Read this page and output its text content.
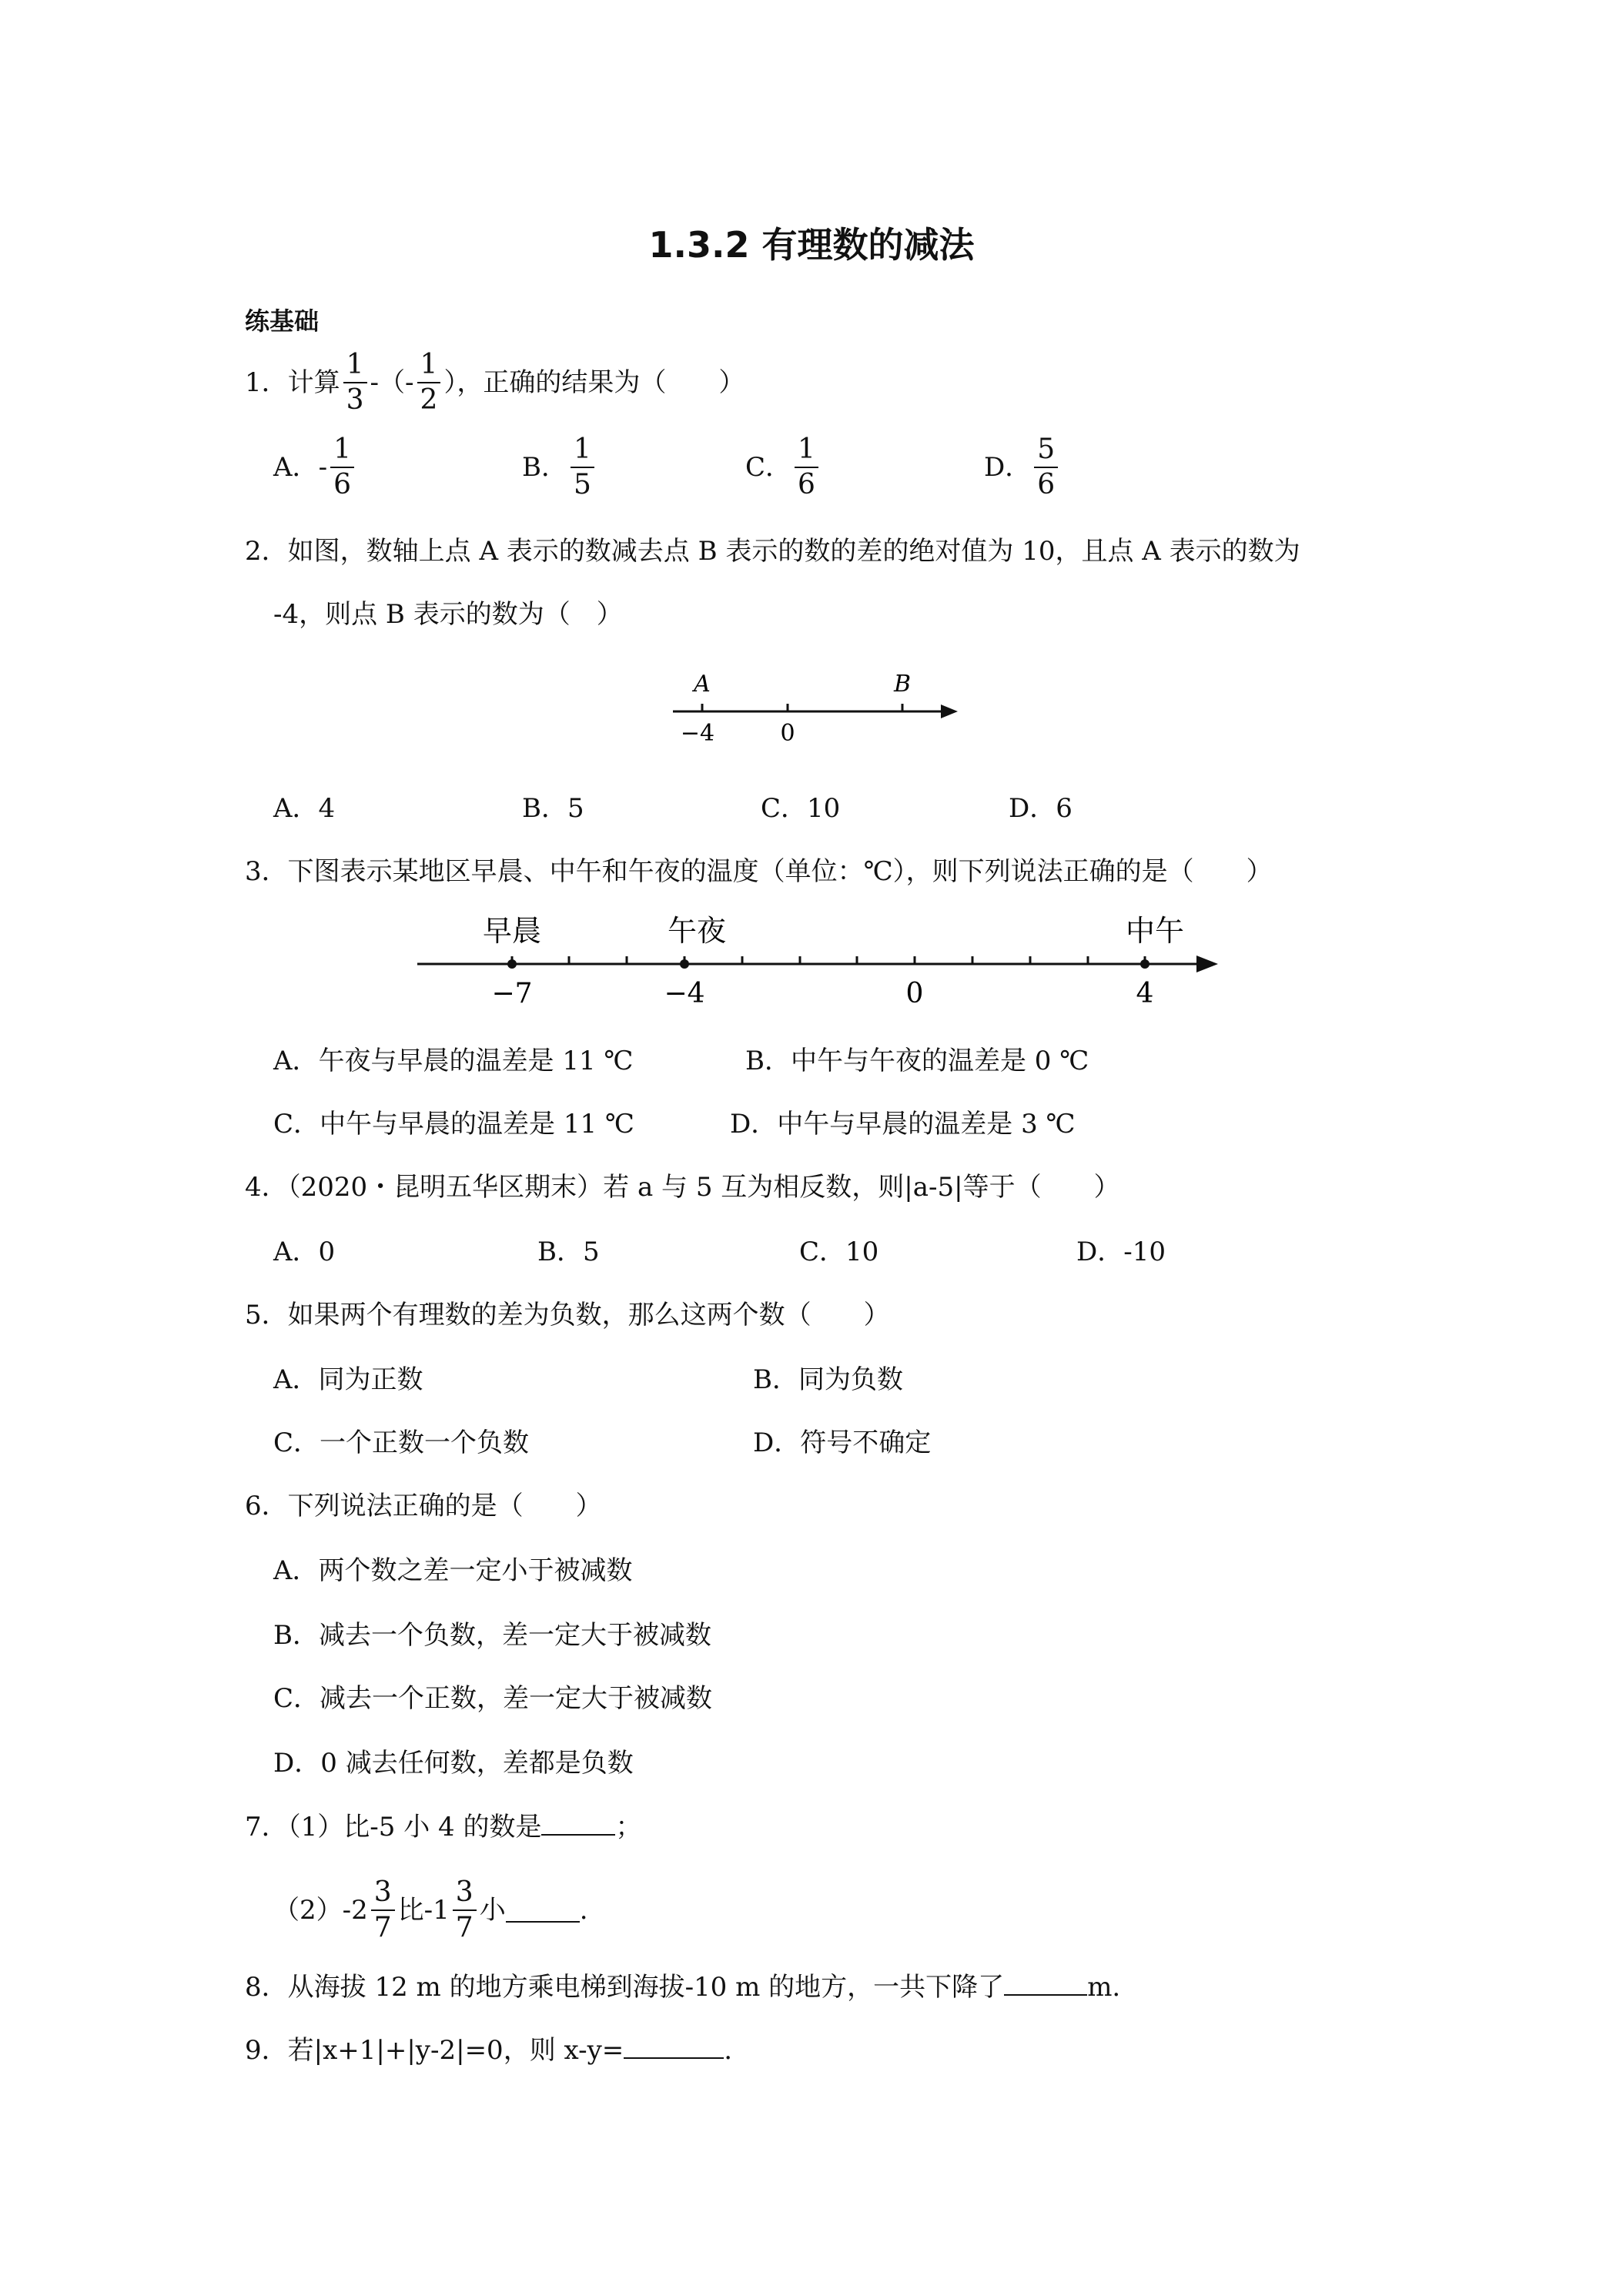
1.3.2 有理数的减法
练基础
1． 计算 $\frac{1}{3}$ -（- $\frac{1}{2}$ ），正确的结果为（　　）
A． - $\frac{1}{6}$	B． $\frac{1}{5}$	C． $\frac{1}{6}$	D． $\frac{5}{6}$
2．如图，数轴上点 A 表示的数减去点 B 表示的数的差的绝对值为 10，且点 A 表示的数为
-4，则点 B 表示的数为（　）
A	B
−4	0
A．4	B．5	C．10	D．6
3．下图表示某地区早晨、中午和午夜的温度（单位：℃），则下列说法正确的是（　　）
早晨	午夜	中午
−7	−4	0	4
A．午夜与早晨的温差是 11 ℃	B．中午与午夜的温差是 0 ℃
C．中午与早晨的温差是 11 ℃	D．中午与早晨的温差是 3 ℃
4．（2020・昆明五华区期末）若 a 与 5 互为相反数，则|a-5|等于（　　）
A．0	B．5	C．10	D．-10
5．如果两个有理数的差为负数，那么这两个数（　　）
A．同为正数	B．同为负数
C．一个正数一个负数	D．符号不确定
6．下列说法正确的是（　　）
A．两个数之差一定小于被减数
B．减去一个负数，差一定大于被减数
C．减去一个正数，差一定大于被减数
D．0 减去任何数，差都是负数
7．（1）比-5 小 4 的数是	；
$(2)-2 \frac{3}{7}$ 比$-1 \frac{3}{7}$ 小	.
8．从海拔 12 m 的地方乘电梯到海拔-10 m 的地方，一共下降了	m.
9．若|x+1|+|y-2|=0，则 x-y=	.
